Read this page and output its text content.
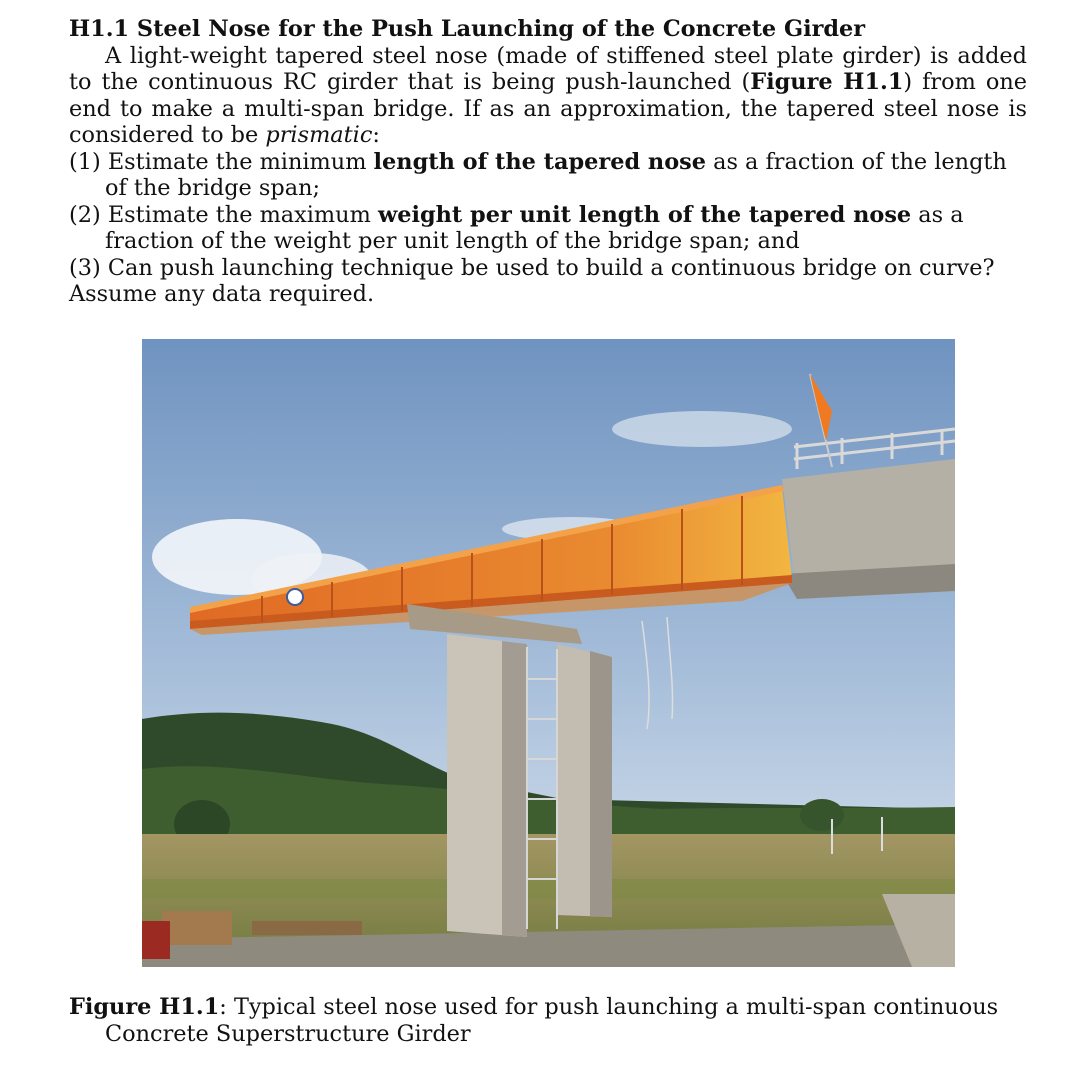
H1.1 Steel Nose for the Push Launching of the Concrete Girder

A light-weight tapered steel nose (made of stiffened steel plate girder) is added to the continuous RC girder that is being push-launched (Figure H1.1) from one end to make a multi-span bridge. If as an approximation, the tapered steel nose is considered to be prismatic:

(1) Estimate the minimum length of the tapered nose as a fraction of the length of the bridge span;

(2) Estimate the maximum weight per unit length of the tapered nose as a fraction of the weight per unit length of the bridge span; and

(3) Can push launching technique be used to build a continuous bridge on curve?

Assume any data required.

Figure H1.1: Typical steel nose used for push launching a multi-span continuous Concrete Superstructure Girder
